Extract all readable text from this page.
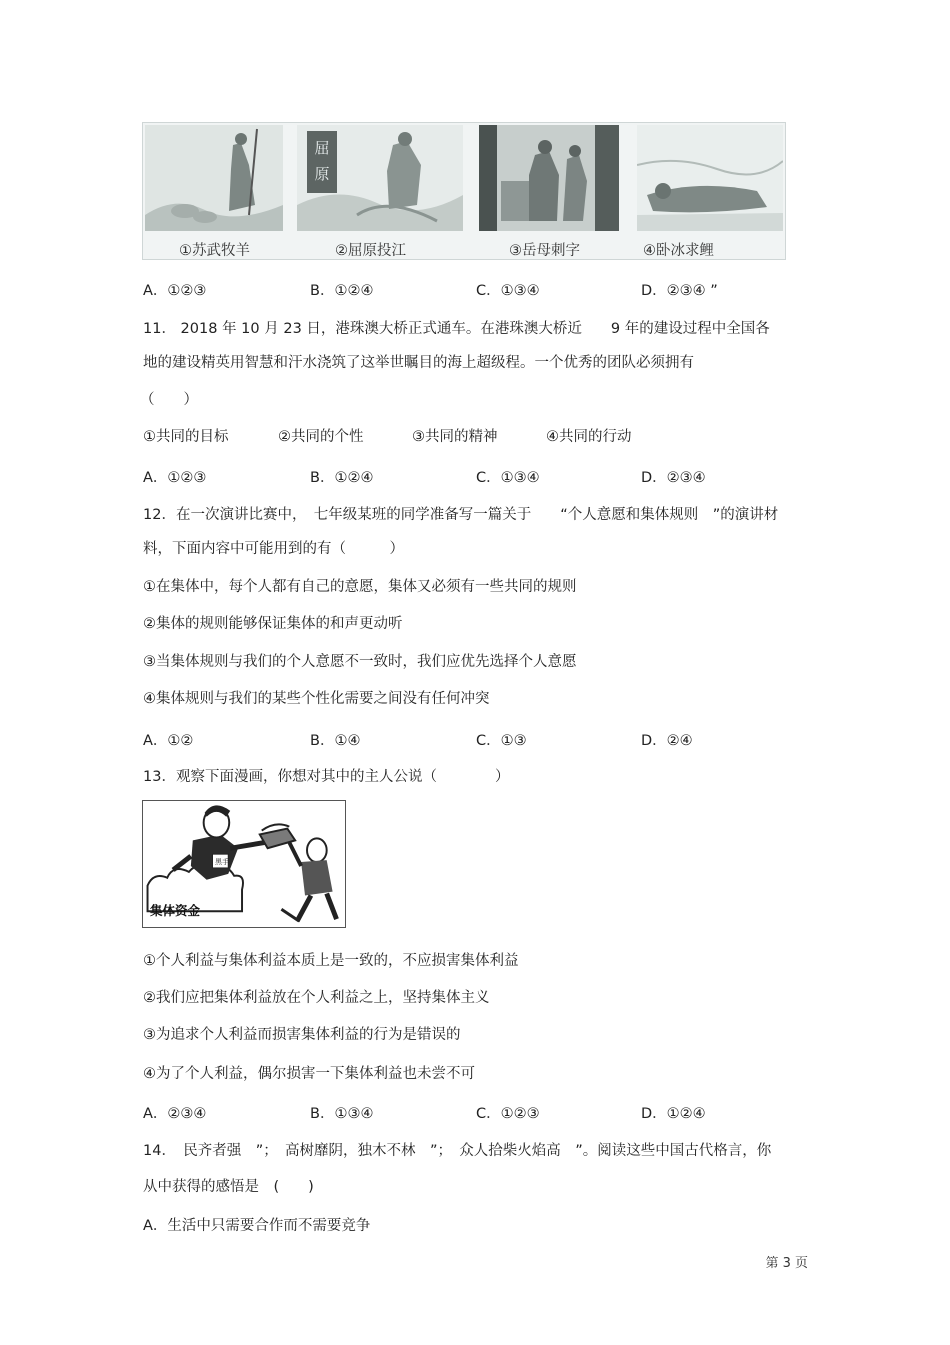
屈原
①苏武牧羊	②屈原投江	③岳母刺字	④卧冰求鲤
A．①②③	B．①②④	C．①③④	D．②③④ ”
11． 2018 年 10 月 23 日，港珠澳大桥正式通车。在港珠澳大桥近　　9 年的建设过程中全国各
地的建设精英用智慧和汗水浇筑了这举世瞩目的海上超级程。一个优秀的团队必须拥有
（　　）
①共同的目标	②共同的个性	③共同的精神	④共同的行动
A．①②③	B．①②④	C．①③④	D．②③④
12．在一次演讲比赛中，　七年级某班的同学准备写一篇关于　　“个人意愿和集体规则　”的演讲材
料，下面内容中可能用到的有（　　　）
①在集体中，每个人都有自己的意愿，集体又必须有一些共同的规则
②集体的规则能够保证集体的和声更动听
③当集体规则与我们的个人意愿不一致时，我们应优先选择个人意愿
④集体规则与我们的某些个性化需要之间没有任何冲突
A．①②	B．①④	C．①③	D．②④
13．观察下面漫画，你想对其中的主人公说（　　　　）
黑手
集体资金
①个人利益与集体利益本质上是一致的，不应损害集体利益
②我们应把集体利益放在个人利益之上，坚持集体主义
③为追求个人利益而损害集体利益的行为是错误的
④为了个人利益，偶尔损害一下集体利益也未尝不可
A．②③④	B．①③④	C．①②③	D．①②④
14．　民齐者强　”；　高树靡阴，独木不林　”；　众人拾柴火焰高　”。阅读这些中国古代格言，你
从中获得的感悟是　(　　)
A．生活中只需要合作而不需要竞争
第 3 页
